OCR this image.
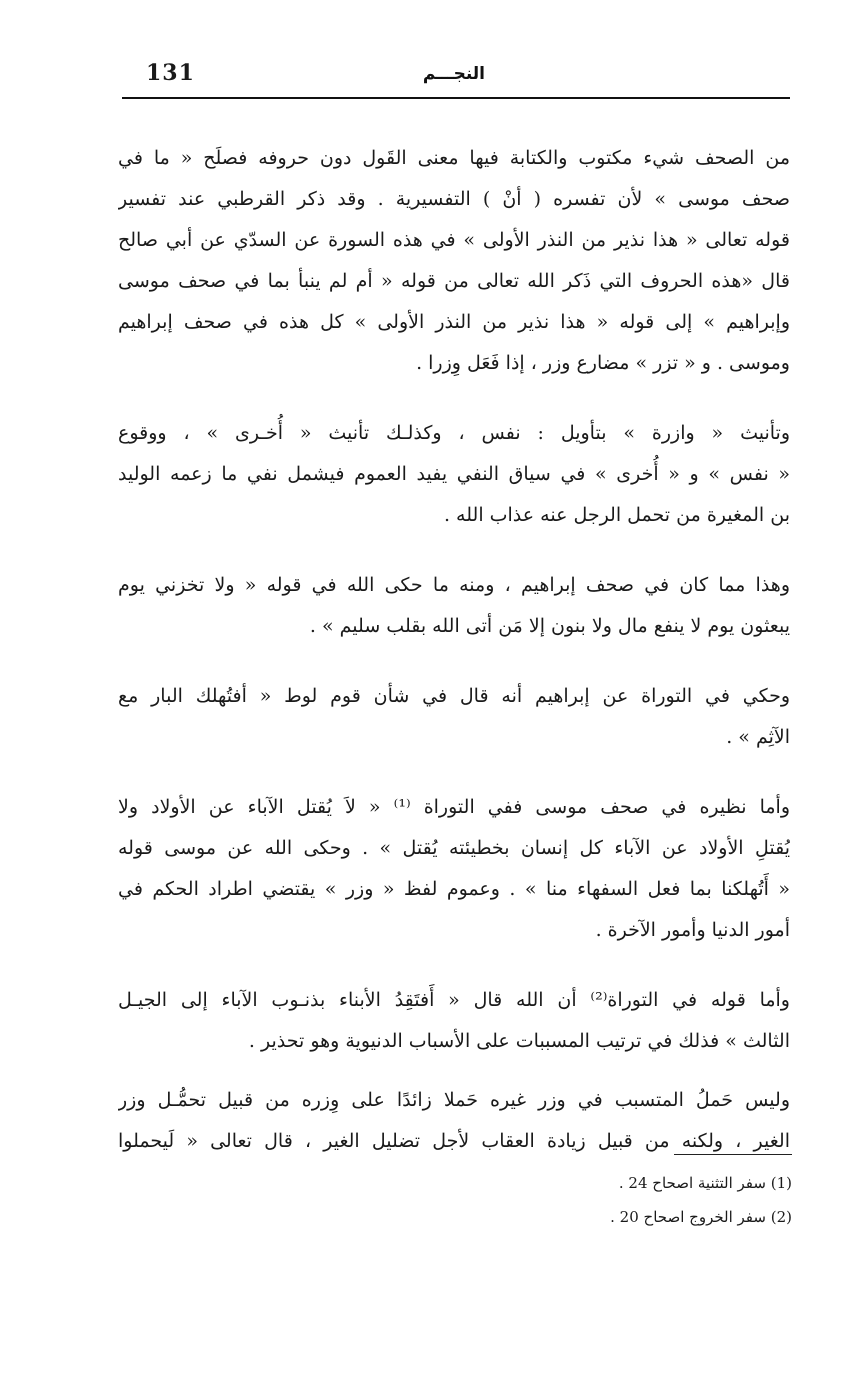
النجـــم
131
من الصحف شيء مكتوب والكتابة فيها معنى القَول دون حروفه فصلَح « ما في
صحف موسى » لأن تفسره ( أنْ ) التفسيرية . وقد ذكر القرطبي عند تفسير
قوله تعالى « هذا نذير من النذر الأولى » في هذه السورة عن السدّي عن أبي صالح
قال «هذه الحروف التي ذَكر الله تعالى من قوله « أم لم ينبأ بما في صحف موسى
وإبراهيم » إلى قوله « هذا نذير من النذر الأولى » كل هذه في صحف إبراهيم
وموسى . و « تزر » مضارع وزر ، إذا فَعَل وِزرا .
وتأنيث « وازرة » بتأويل : نفس ، وكذلـك تأنيث « أُخـرى » ، ووقوع
« نفس » و « أُخرى » في سياق النفي يفيد العموم فيشمل نفي ما زعمه الوليد
بن المغيرة من تحمل الرجل عنه عذاب الله .
وهذا مما كان في صحف إبراهيم ، ومنه ما حكى الله في قوله « ولا تخزني يوم
يبعثون يوم لا ينفع مال ولا بنون إلا مَن أتى الله بقلب سليم » .
وحكي في التوراة عن إبراهيم أنه قال في شأن قوم لوط « أفتُهلك البار مع
الآثِم » .
وأما نظيره في صحف موسى ففي التوراة ⁽¹⁾ « لاَ يُقتل الآباء عن الأولاد ولا
يُقتلِ الأولاد عن الآباء كل إنسان بخطيئته يُقتل » . وحكى الله عن موسى قوله
« أَتُهلكنا بما فعل السفهاء منا » . وعموم لفظ « وزر » يقتضي اطراد الحكم في
أمور الدنيا وأمور الآخرة .
وأما قوله في التوراة⁽²⁾ أن الله قال « أَفتَقِدُ الأبناء بذنـوب الآباء إلى الجيـل
الثالث » فذلك في ترتيب المسببات على الأسباب الدنيوية وهو تحذير .
وليس حَملُ المتسبب في وزر غيره حَملا زائدًا على وِزره من قبيل تحمُّـل وزر
الغير ، ولكنه من قبيل زيادة العقاب لأجل تضليل الغير ، قال تعالى « لَيحملوا
(1) سفر التثنية اصحاح 24 .
(2) سفر الخروج اصحاح 20 .
